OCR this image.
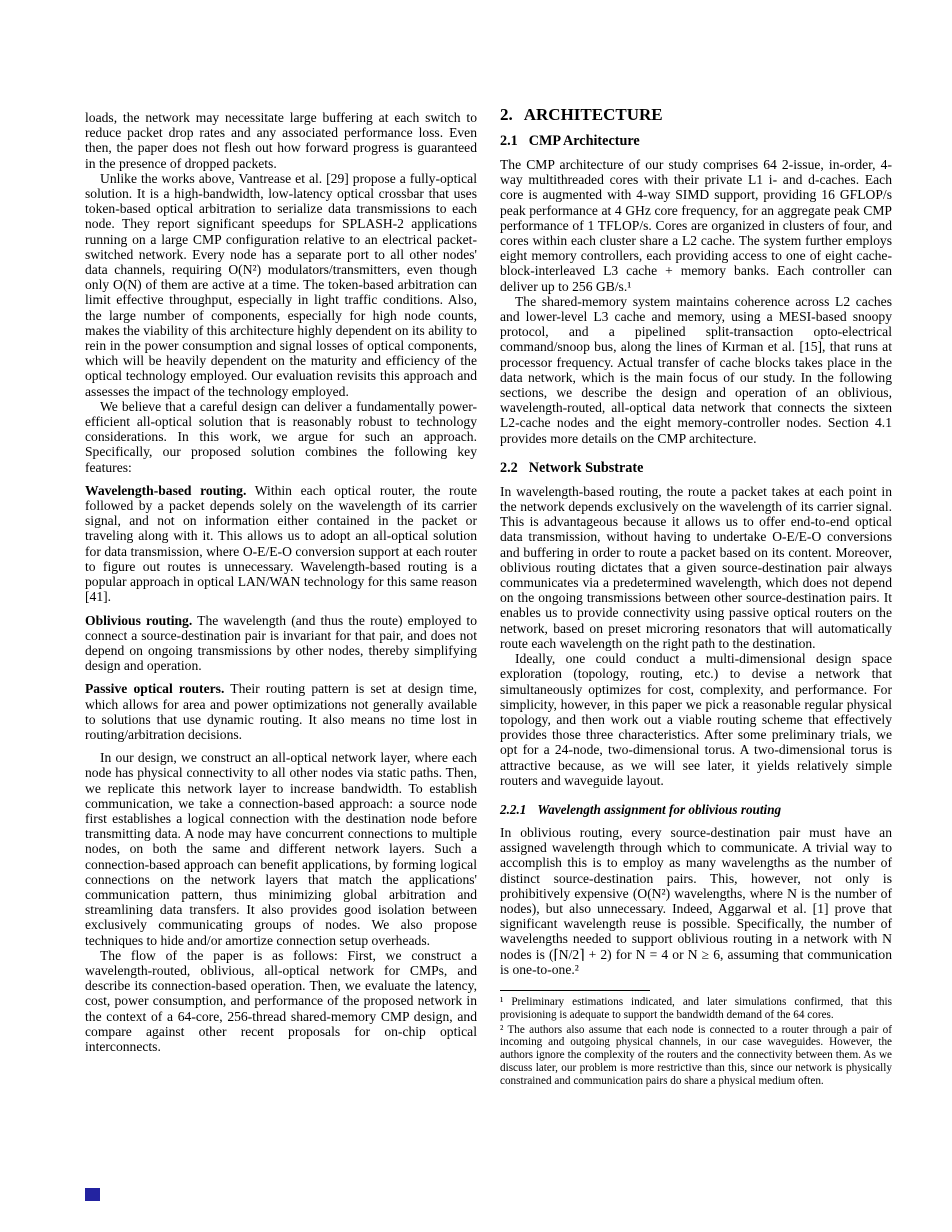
loads, the network may necessitate large buffering at each switch to reduce packet drop rates and any associated performance loss. Even then, the paper does not flesh out how forward progress is guaranteed in the presence of dropped packets.

Unlike the works above, Vantrease et al. [29] propose a fully-optical solution. It is a high-bandwidth, low-latency optical crossbar that uses token-based optical arbitration to serialize data transmissions to each node. They report significant speedups for SPLASH-2 applications running on a large CMP configuration relative to an electrical packet-switched network. Every node has a separate port to all other nodes' data channels, requiring O(N²) modulators/transmitters, even though only O(N) of them are active at a time. The token-based arbitration can limit effective throughput, especially in light traffic conditions. Also, the large number of components, especially for high node counts, makes the viability of this architecture highly dependent on its ability to rein in the power consumption and signal losses of optical components, which will be heavily dependent on the maturity and efficiency of the optical technology employed. Our evaluation revisits this approach and assesses the impact of the technology employed.

We believe that a careful design can deliver a fundamentally power-efficient all-optical solution that is reasonably robust to technology considerations. In this work, we argue for such an approach. Specifically, our proposed solution combines the following key features:

Wavelength-based routing. Within each optical router, the route followed by a packet depends solely on the wavelength of its carrier signal, and not on information either contained in the packet or traveling along with it. This allows us to adopt an all-optical solution for data transmission, where O-E/E-O conversion support at each router to figure out routes is unnecessary. Wavelength-based routing is a popular approach in optical LAN/WAN technology for this same reason [41].

Oblivious routing. The wavelength (and thus the route) employed to connect a source-destination pair is invariant for that pair, and does not depend on ongoing transmissions by other nodes, thereby simplifying design and operation.

Passive optical routers. Their routing pattern is set at design time, which allows for area and power optimizations not generally available to solutions that use dynamic routing. It also means no time lost in routing/arbitration decisions.

In our design, we construct an all-optical network layer, where each node has physical connectivity to all other nodes via static paths. Then, we replicate this network layer to increase bandwidth. To establish communication, we take a connection-based approach: a source node first establishes a logical connection with the destination node before transmitting data. A node may have concurrent connections to multiple nodes, on both the same and different network layers. Such a connection-based approach can benefit applications, by forming logical connections on the network layers that match the applications' communication pattern, thus minimizing global arbitration and streamlining data transfers. It also provides good isolation between exclusively communicating groups of nodes. We also propose techniques to hide and/or amortize connection setup overheads.

The flow of the paper is as follows: First, we construct a wavelength-routed, oblivious, all-optical network for CMPs, and describe its connection-based operation. Then, we evaluate the latency, cost, power consumption, and performance of the proposed network in the context of a 64-core, 256-thread shared-memory CMP design, and compare against other recent proposals for on-chip optical interconnects.

2. ARCHITECTURE
2.1 CMP Architecture

The CMP architecture of our study comprises 64 2-issue, in-order, 4-way multithreaded cores with their private L1 i- and d-caches. Each core is augmented with 4-way SIMD support, providing 16 GFLOP/s peak performance at 4 GHz core frequency, for an aggregate peak CMP performance of 1 TFLOP/s. Cores are organized in clusters of four, and cores within each cluster share a L2 cache. The system further employs eight memory controllers, each providing access to one of eight cache-block-interleaved L3 cache + memory banks. Each controller can deliver up to 256 GB/s.¹

The shared-memory system maintains coherence across L2 caches and lower-level L3 cache and memory, using a MESI-based snoopy protocol, and a pipelined split-transaction opto-electrical command/snoop bus, along the lines of Kırman et al. [15], that runs at processor frequency. Actual transfer of cache blocks takes place in the data network, which is the main focus of our study. In the following sections, we describe the design and operation of an oblivious, wavelength-routed, all-optical data network that connects the sixteen L2-cache nodes and the eight memory-controller nodes. Section 4.1 provides more details on the CMP architecture.

2.2 Network Substrate

In wavelength-based routing, the route a packet takes at each point in the network depends exclusively on the wavelength of its carrier signal. This is advantageous because it allows us to offer end-to-end optical data transmission, without having to undertake O-E/E-O conversions and buffering in order to route a packet based on its content. Moreover, oblivious routing dictates that a given source-destination pair always communicates via a predetermined wavelength, which does not depend on the ongoing transmissions between other source-destination pairs. It enables us to provide connectivity using passive optical routers on the network, based on preset microring resonators that will automatically route each wavelength on the right path to the destination.

Ideally, one could conduct a multi-dimensional design space exploration (topology, routing, etc.) to devise a network that simultaneously optimizes for cost, complexity, and performance. For simplicity, however, in this paper we pick a reasonable regular physical topology, and then work out a viable routing scheme that effectively provides those three characteristics. After some preliminary trials, we opt for a 24-node, two-dimensional torus. A two-dimensional torus is attractive because, as we will see later, it yields relatively simple routers and waveguide layout.

2.2.1 Wavelength assignment for oblivious routing

In oblivious routing, every source-destination pair must have an assigned wavelength through which to communicate. A trivial way to accomplish this is to employ as many wavelengths as the number of distinct source-destination pairs. This, however, not only is prohibitively expensive (O(N²) wavelengths, where N is the number of nodes), but also unnecessary. Indeed, Aggarwal et al. [1] prove that significant wavelength reuse is possible. Specifically, the number of wavelengths needed to support oblivious routing in a network with N nodes is (⌈N/2⌉ + 2) for N = 4 or N ≥ 6, assuming that communication is one-to-one.²

¹ Preliminary estimations indicated, and later simulations confirmed, that this provisioning is adequate to support the bandwidth demand of the 64 cores.

² The authors also assume that each node is connected to a router through a pair of incoming and outgoing physical channels, in our case waveguides. However, the authors ignore the complexity of the routers and the connectivity between them. As we discuss later, our problem is more restrictive than this, since our network is physically constrained and communication pairs do share a physical medium often.
